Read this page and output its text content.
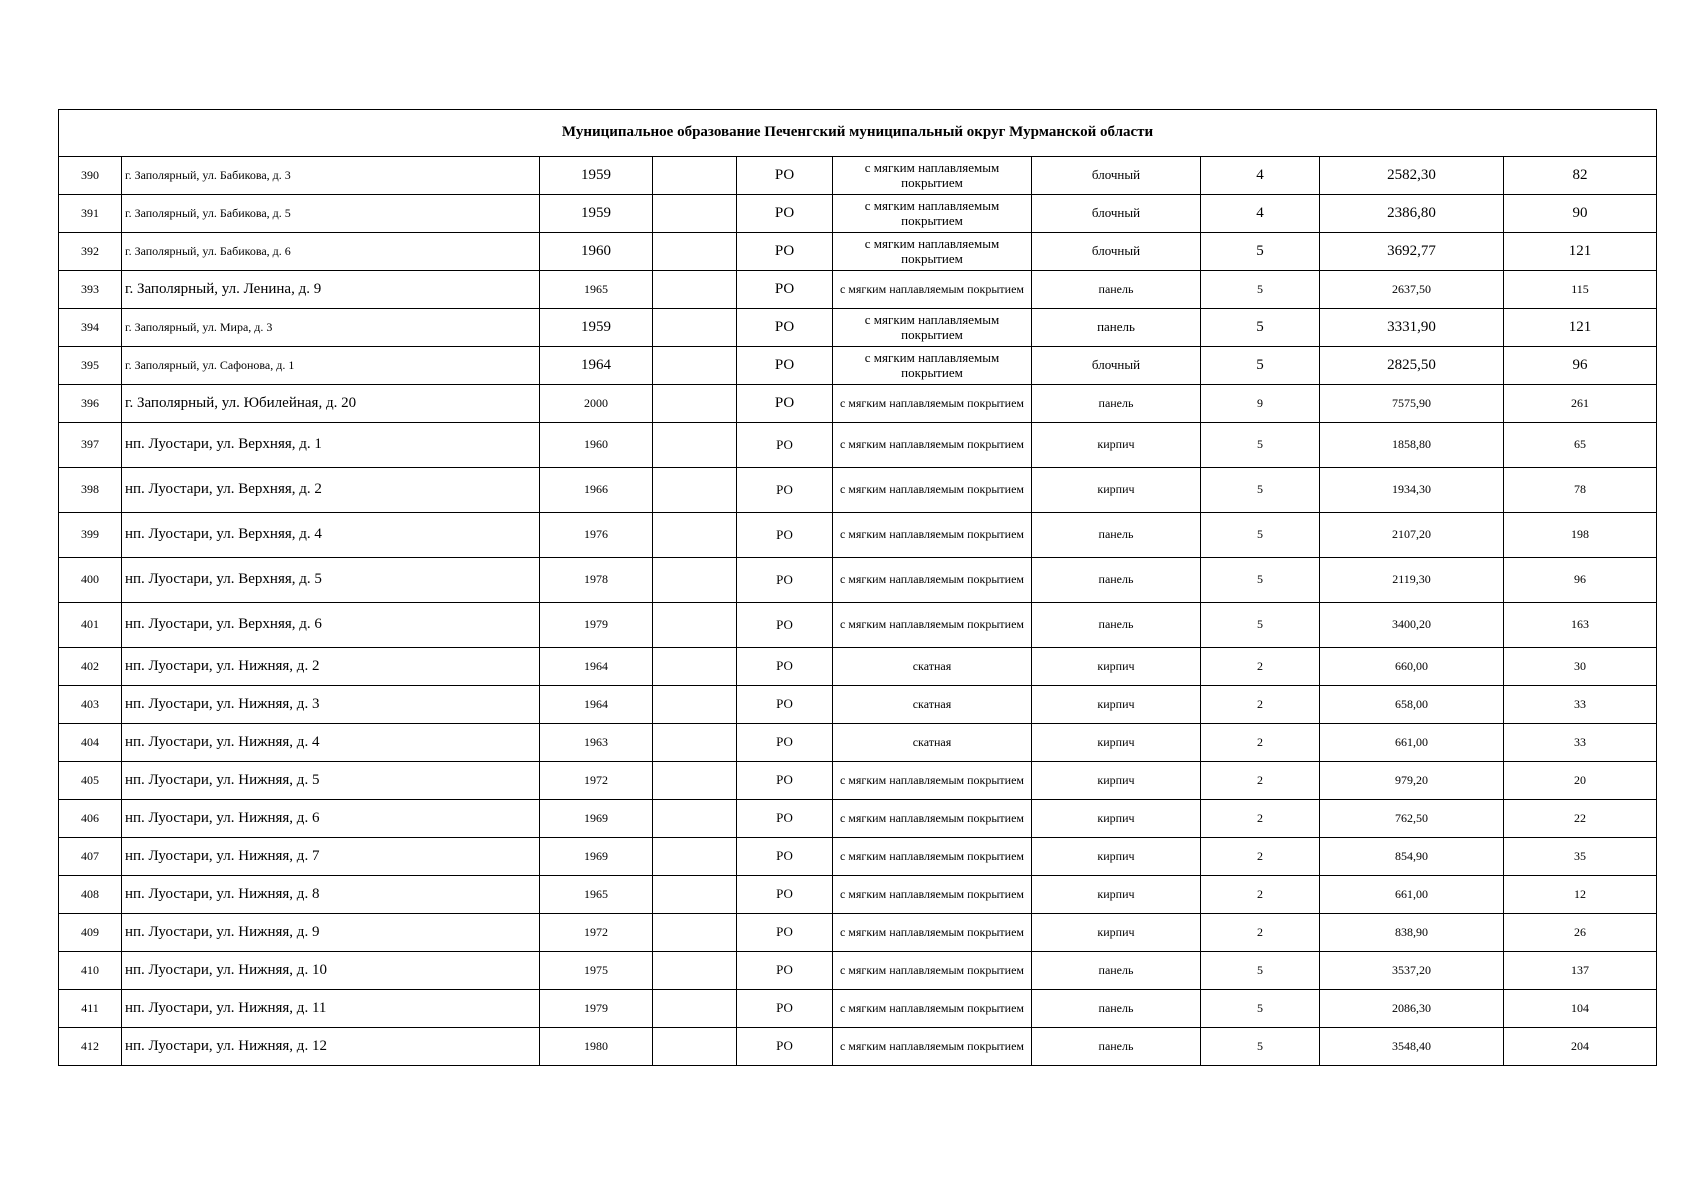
Муниципальное образование Печенгский муниципальный округ Мурманской области									
390	г. Заполярный, ул. Бабикова, д. 3	1959		РО	с мягким наплавляемым покрытием	блочный	4	2582,30	82
391	г. Заполярный, ул. Бабикова, д. 5	1959		РО	с мягким наплавляемым покрытием	блочный	4	2386,80	90
392	г. Заполярный, ул. Бабикова, д. 6	1960		РО	с мягким наплавляемым покрытием	блочный	5	3692,77	121
393	г. Заполярный, ул. Ленина, д. 9	1965		РО	с мягким наплавляемым покрытием	панель	5	2637,50	115
394	г. Заполярный, ул. Мира, д. 3	1959		РО	с мягким наплавляемым покрытием	панель	5	3331,90	121
395	г. Заполярный, ул. Сафонова, д. 1	1964		РО	с мягким наплавляемым покрытием	блочный	5	2825,50	96
396	г. Заполярный, ул. Юбилейная, д. 20	2000		РО	с мягким наплавляемым покрытием	панель	9	7575,90	261
397	нп. Луостари, ул. Верхняя, д. 1	1960		РО	с мягким наплавляемым покрытием	кирпич	5	1858,80	65
398	нп. Луостари, ул. Верхняя, д. 2	1966		РО	с мягким наплавляемым покрытием	кирпич	5	1934,30	78
399	нп. Луостари, ул. Верхняя, д. 4	1976		РО	с мягким наплавляемым покрытием	панель	5	2107,20	198
400	нп. Луостари, ул. Верхняя, д. 5	1978		РО	с мягким наплавляемым покрытием	панель	5	2119,30	96
401	нп. Луостари, ул. Верхняя, д. 6	1979		РО	с мягким наплавляемым покрытием	панель	5	3400,20	163
402	нп. Луостари, ул. Нижняя, д. 2	1964		РО	скатная	кирпич	2	660,00	30
403	нп. Луостари, ул. Нижняя, д. 3	1964		РО	скатная	кирпич	2	658,00	33
404	нп. Луостари, ул. Нижняя, д. 4	1963		РО	скатная	кирпич	2	661,00	33
405	нп. Луостари, ул. Нижняя, д. 5	1972		РО	с мягким наплавляемым покрытием	кирпич	2	979,20	20
406	нп. Луостари, ул. Нижняя, д. 6	1969		РО	с мягким наплавляемым покрытием	кирпич	2	762,50	22
407	нп. Луостари, ул. Нижняя, д. 7	1969		РО	с мягким наплавляемым покрытием	кирпич	2	854,90	35
408	нп. Луостари, ул. Нижняя, д. 8	1965		РО	с мягким наплавляемым покрытием	кирпич	2	661,00	12
409	нп. Луостари, ул. Нижняя, д. 9	1972		РО	с мягким наплавляемым покрытием	кирпич	2	838,90	26
410	нп. Луостари, ул. Нижняя, д. 10	1975		РО	с мягким наплавляемым покрытием	панель	5	3537,20	137
411	нп. Луостари, ул. Нижняя, д. 11	1979		РО	с мягким наплавляемым покрытием	панель	5	2086,30	104
412	нп. Луостари, ул. Нижняя, д. 12	1980		РО	с мягким наплавляемым покрытием	панель	5	3548,40	204
